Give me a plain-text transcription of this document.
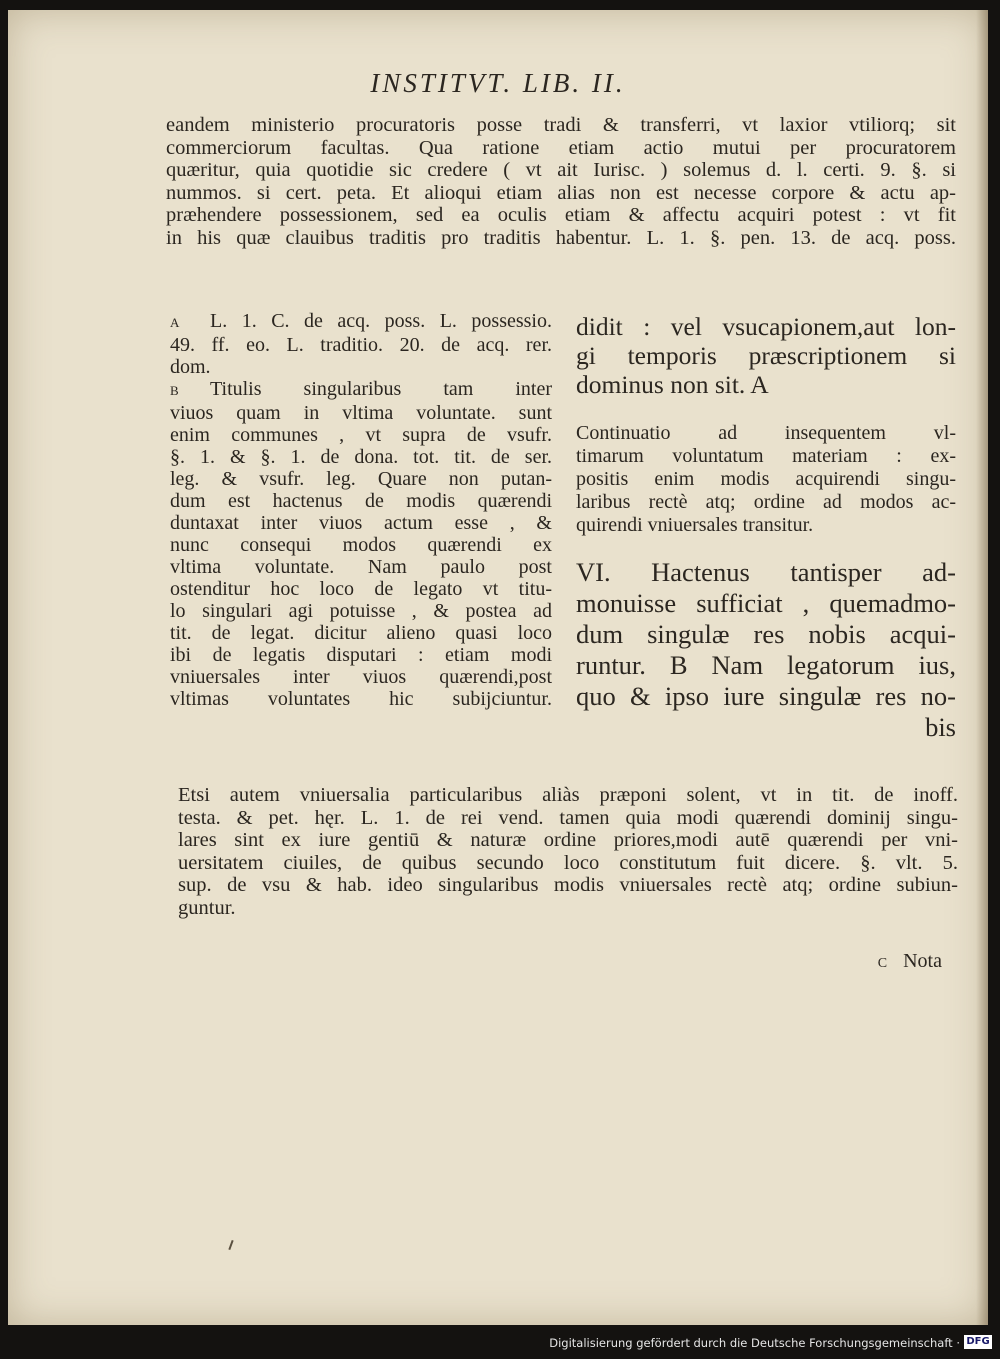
INSTITVT. LIB. II.
eandem ministerio procuratoris posse tradi & transferri, vt laxior vtiliorq; sit
commerciorum facultas. Qua ratione etiam actio mutui per procuratorem
quæritur, quia quotidie sic credere ( vt ait Iurisc. ) solemus d. l. certi. 9. §. si
nummos. si cert. peta. Et alioqui etiam alias non est necesse corpore & actu ap-
præhendere possessionem, sed ea oculis etiam & affectu acquiri potest : vt fit
in his quæ clauibus traditis pro traditis habentur. L. 1. §. pen. 13. de acq. poss.
A L. 1. C. de acq. poss. L. possessio.
49. ff. eo. L. traditio. 20. de acq. rer.
dom.
B Titulis singularibus tam inter
viuos quam in vltima voluntate. sunt
enim communes , vt supra de vsufr.
§. 1. & §. 1. de dona. tot. tit. de ser.
leg. & vsufr. leg. Quare non putan-
dum est hactenus de modis quærendi
duntaxat inter viuos actum esse , &
nunc consequi modos quærendi ex
vltima voluntate. Nam paulo post
ostenditur hoc loco de legato vt titu-
lo singulari agi potuisse , & postea ad
tit. de legat. dicitur alieno quasi loco
ibi de legatis disputari : etiam modi
vniuersales inter viuos quærendi,post
vltimas voluntates hic subijciuntur.
didit : vel vsucapionem,aut lon-
gi temporis præscriptionem si
dominus non sit. A
Continuatio ad insequentem vl-
timarum voluntatum materiam : ex-
positis enim modis acquirendi singu-
laribus rectè atq; ordine ad modos ac-
quirendi vniuersales transitur.
VI. Hactenus tantisper ad-
monuisse sufficiat , quemadmo-
dum singulæ res nobis acqui-
runtur. B Nam legatorum ius,
quo & ipso iure singulæ res no-
bis
Etsi autem vniuersalia particularibus aliàs præponi solent, vt in tit. de inoff.
testa. & pet. hęr. L. 1. de rei vend. tamen quia modi quærendi dominij singu-
lares sint ex iure gentiū & naturæ ordine priores,modi autē quærendi per vni-
uersitatem ciuiles, de quibus secundo loco constitutum fuit dicere. §. vlt. 5.
sup. de vsu & hab. ideo singularibus modis vniuersales rectè atq; ordine subiun-
guntur.
C Nota
Digitalisierung gefördert durch die Deutsche Forschungsgemeinschaft · DFG
